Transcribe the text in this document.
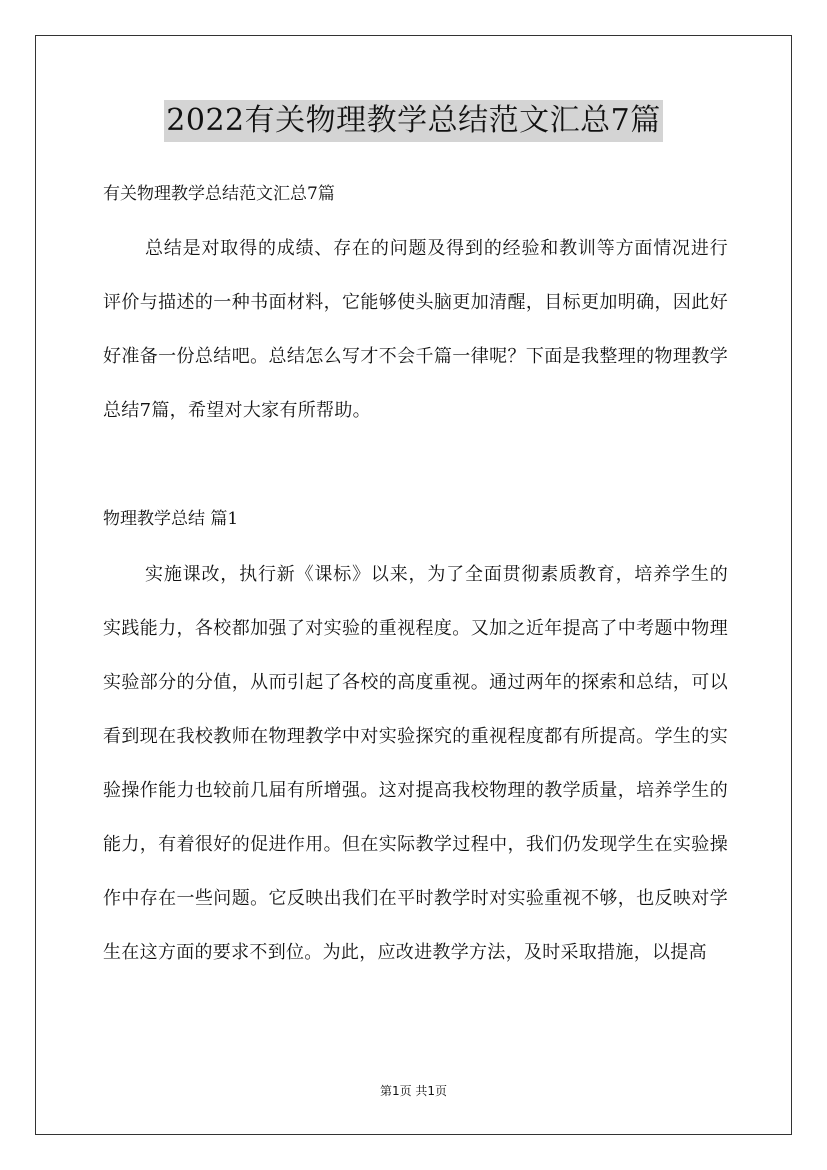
2022有关物理教学总结范文汇总7篇
有关物理教学总结范文汇总7篇

总结是对取得的成绩、存在的问题及得到的经验和教训等方面情况进行评价与描述的一种书面材料，它能够使头脑更加清醒，目标更加明确，因此好好准备一份总结吧。总结怎么写才不会千篇一律呢？下面是我整理的物理教学总结7篇，希望对大家有所帮助。

物理教学总结 篇1

实施课改，执行新《课标》以来，为了全面贯彻素质教育，培养学生的实践能力，各校都加强了对实验的重视程度。又加之近年提高了中考题中物理实验部分的分值，从而引起了各校的高度重视。通过两年的探索和总结，可以看到现在我校教师在物理教学中对实验探究的重视程度都有所提高。学生的实验操作能力也较前几届有所增强。这对提高我校物理的教学质量，培养学生的能力，有着很好的促进作用。但在实际教学过程中，我们仍发现学生在实验操作中存在一些问题。它反映出我们在平时教学时对实验重视不够，也反映对学生在这方面的要求不到位。为此，应改进教学方法，及时采取措施，以提高

第1页 共1页
